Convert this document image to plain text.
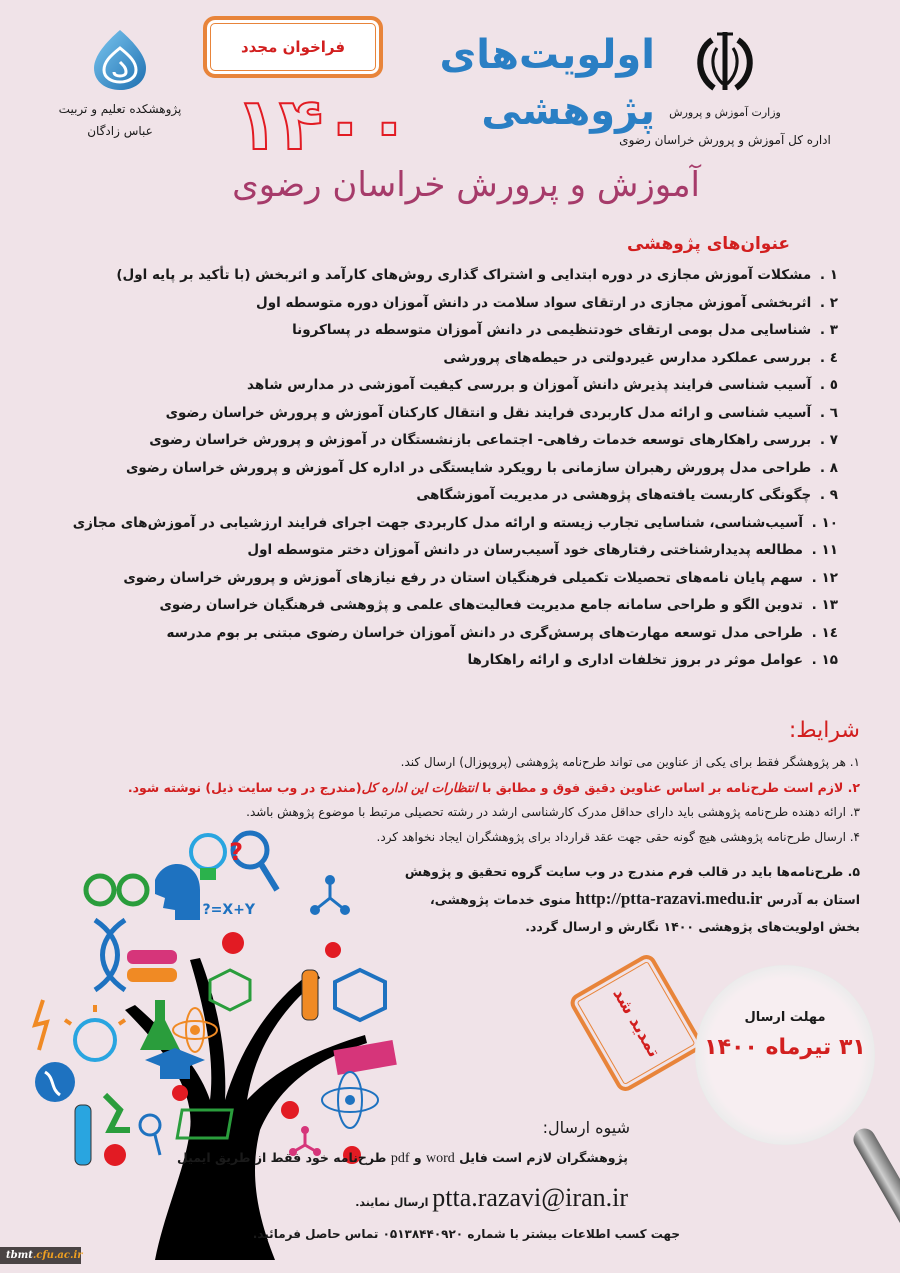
وزارت آموزش و پرورش
اداره کل آموزش و پرورش خراسان رضوی
پژوهشکده تعلیم و تربیت
عباس زادگان
فراخوان مجدد اولویت‌های
پژوهشی
۱۴۰۰
آموزش و پرورش خراسان رضوی
عنوان‌های پژوهشی
۱ . مشکلات آموزش مجازی در دوره ابتدایی و اشتراک گذاری روش‌های کارآمد و اثربخش (با تأکید بر پایه اول)
۲ . اثربخشی آموزش مجازی در ارتقای سواد سلامت در دانش آموزان دوره متوسطه اول
۳ . شناسایی مدل بومی ارتقای خودتنظیمی در دانش آموزان متوسطه در پساکرونا
٤ . بررسی عملکرد مدارس غیردولتی در حیطه‌های پرورشی
٥ . آسیب شناسی فرایند پذیرش دانش آموزان و بررسی کیفیت آموزشی در مدارس شاهد
٦ . آسیب شناسی و ارائه مدل کاربردی فرایند نقل و انتقال کارکنان آموزش و پرورش خراسان رضوی
۷ . بررسی راهکارهای توسعه خدمات رفاهی- اجتماعی بازنشستگان در آموزش و پرورش خراسان رضوی
۸ . طراحی مدل پرورش رهبران سازمانی با رویکرد شایستگی در اداره کل آموزش و پرورش خراسان رضوی
۹ . چگونگی کاربست یافته‌های پژوهشی در مدیریت آموزشگاهی
۱۰ . آسیب‌شناسی، شناسایی تجارب زیسته و ارائه مدل کاربردی جهت اجرای فرایند ارزشیابی در آموزش‌های مجازی
۱۱ . مطالعه پدیدارشناختی رفتارهای خود آسیب‌رسان در دانش آموزان دختر متوسطه اول
۱۲ . سهم پایان نامه‌های تحصیلات تکمیلی فرهنگیان استان در رفع نیازهای آموزش و پرورش خراسان رضوی
۱۳ . تدوین الگو و طراحی سامانه جامع مدیریت فعالیت‌های علمی و پژوهشی فرهنگیان خراسان رضوی
۱٤ . طراحی مدل توسعه مهارت‌های پرسش‌گری در دانش آموزان خراسان رضوی مبتنی بر بوم مدرسه
۱۵ . عوامل موثر در بروز تخلفات اداری و ارائه راهکارها
شرایط:
۱. هر پژوهشگر فقط برای یکی از عناوین می تواند طرح‌نامه پژوهشی (پروپوزال) ارسال کند.
۲. لازم است طرح‌نامه بر اساس عناوین دقیق فوق و مطابق با انتظارات این اداره کل(مندرج در وب سایت ذیل) نوشته شود.
۳. ارائه دهنده طرح‌نامه پژوهشی باید دارای حداقل مدرک کارشناسی ارشد در رشته تحصیلی مرتبط با موضوع پژوهش باشد.
۴. ارسال طرح‌نامه پژوهشی هیچ گونه حقی جهت عقد قرارداد برای پژوهشگران ایجاد نخواهد کرد.
۵. طرح‌نامه‌ها باید در قالب فرم مندرج در وب سایت گروه تحقیق و پژوهش
استان به آدرس http://ptta-razavi.medu.ir منوی خدمات پژوهشی،
بخش اولویت‌های پژوهشی ۱۴۰۰ نگارش و ارسال گردد.
?
X+Y=?
تمدید شد	مهلت ارسال
۳۱ تیرماه ۱۴۰۰
شیوه ارسال:
پژوهشگران لازم است فایل word و pdf طرح‌نامه خود فقط از طریق ایمیل
ptta.razavi@iran.ir ارسال نمایند.
جهت کسب اطلاعات بیشتر با شماره ۰۵۱۳۸۴۴۰۹۲۰ تماس حاصل فرمائید.
tbmt .cfu.ac.ir
